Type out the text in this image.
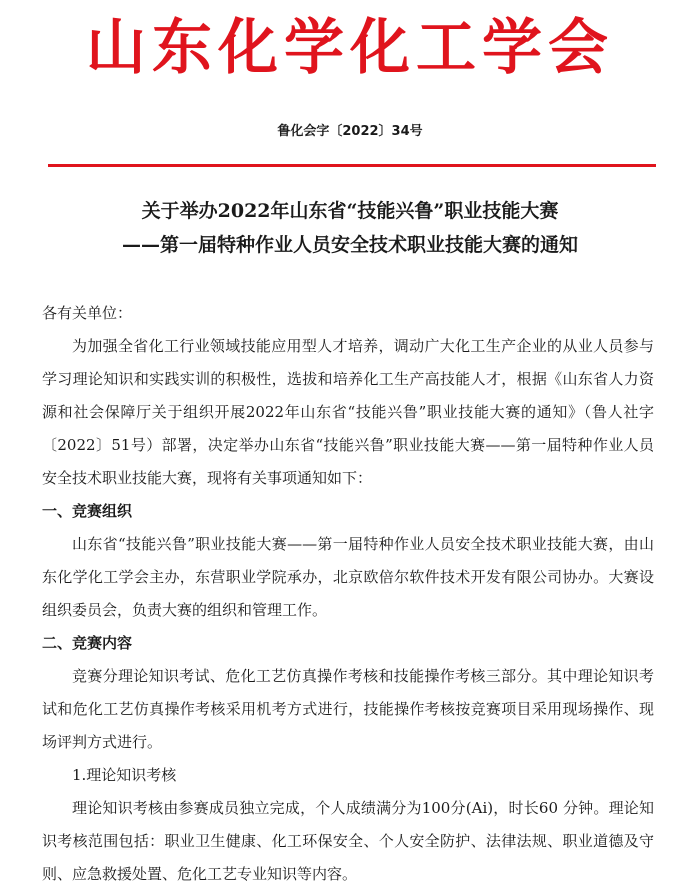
山东化学化工学会
鲁化会字〔2022〕34号
关于举办2022年山东省“技能兴鲁”职业技能大赛
——第一届特种作业人员安全技术职业技能大赛的通知

各有关单位：

为加强全省化工行业领域技能应用型人才培养，调动广大化工生产企业的从业人员参与学习理论知识和实践实训的积极性，选拔和培养化工生产高技能人才，根据《山东省人力资源和社会保障厅关于组织开展2022年山东省“技能兴鲁”职业技能大赛的通知》（鲁人社字〔2022〕51号）部署，决定举办山东省“技能兴鲁”职业技能大赛——第一届特种作业人员安全技术职业技能大赛，现将有关事项通知如下：

一、竞赛组织

山东省“技能兴鲁”职业技能大赛——第一届特种作业人员安全技术职业技能大赛，由山东化学化工学会主办，东营职业学院承办，北京欧倍尔软件技术开发有限公司协办。大赛设组织委员会，负责大赛的组织和管理工作。

二、竞赛内容

竞赛分理论知识考试、危化工艺仿真操作考核和技能操作考核三部分。其中理论知识考试和危化工艺仿真操作考核采用机考方式进行，技能操作考核按竞赛项目采用现场操作、现场评判方式进行。

1.理论知识考核

理论知识考核由参赛成员独立完成，个人成绩满分为100分(Ai)，时长60 分钟。理论知识考核范围包括：职业卫生健康、化工环保安全、个人安全防护、法律法规、职业道德及守则、应急救援处置、危化工艺专业知识等内容。
